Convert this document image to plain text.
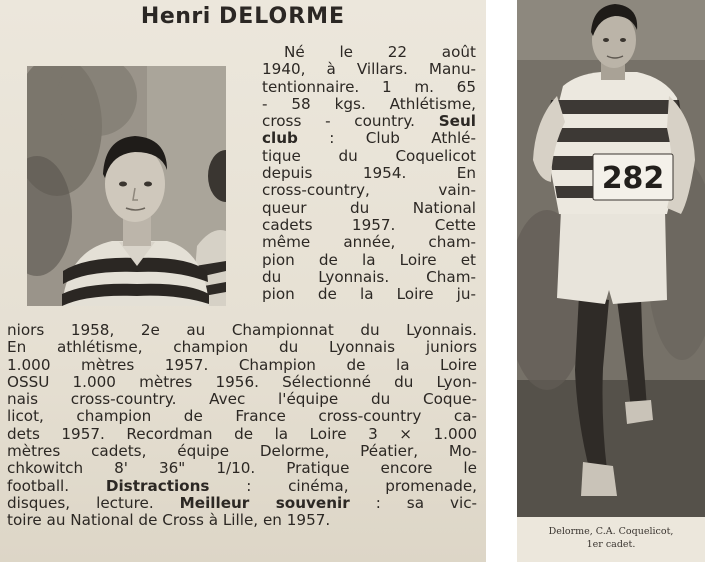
Henri DELORME
Né le 22 août
1940, à Villars. Manu-
tentionnaire. 1 m. 65
- 58 kgs. Athlétisme,
cross - country. Seul
club : Club Athlé-
tique du Coquelicot
depuis 1954. En
cross-country, vain-
queur du National
cadets 1957. Cette
même année, cham-
pion de la Loire et
du Lyonnais. Cham-
pion de la Loire ju-
niors 1958, 2e au Championnat du Lyonnais.
En athlétisme, champion du Lyonnais juniors
1.000 mètres 1957. Champion de la Loire
OSSU 1.000 mètres 1956. Sélectionné du Lyon-
nais cross-country. Avec l'équipe du Coque-
licot, champion de France cross-country ca-
dets 1957. Recordman de la Loire 3 × 1.000
mètres cadets, équipe Delorme, Péatier, Mo-
chkowitch 8' 36" 1/10. Pratique encore le
football. Distractions : cinéma, promenade,
disques, lecture. Meilleur souvenir : sa vic-
toire au National de Cross à Lille, en 1957.
282
Delorme, C.A. Coquelicot,
1er cadet.
